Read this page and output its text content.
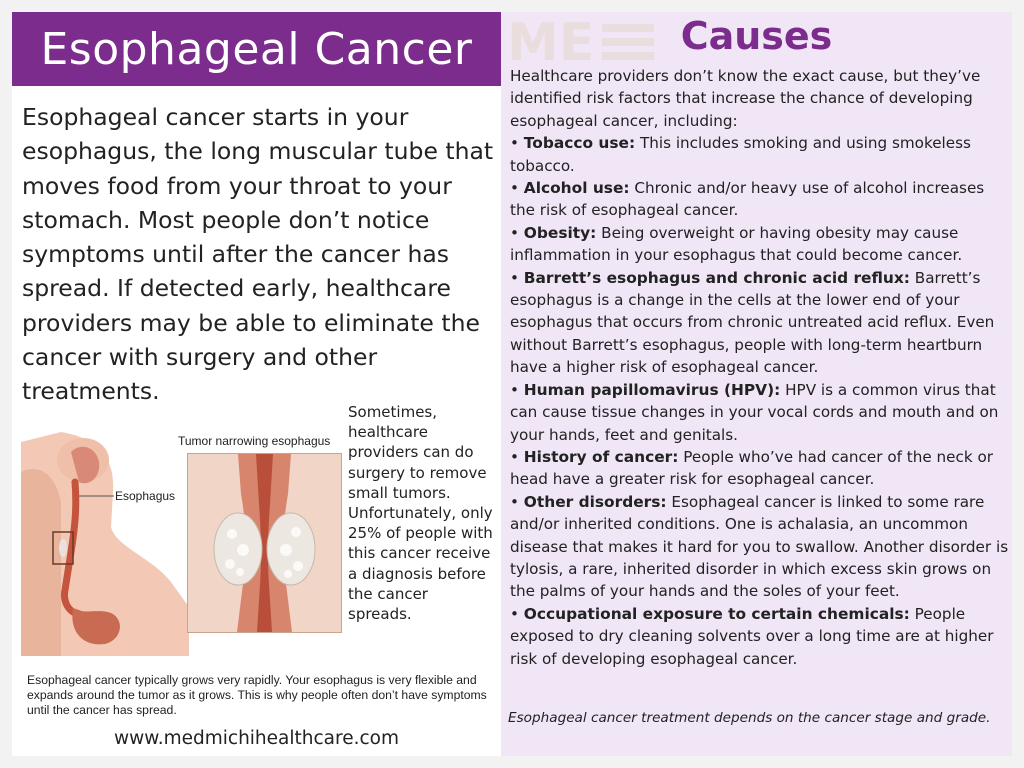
Esophageal Cancer
Esophageal cancer starts in your esophagus, the long muscular tube that moves food from your throat to your stomach. Most people don’t notice symptoms until after the cancer has spread. If detected early, healthcare providers may be able to eliminate the cancer with surgery and other treatments.
Esophagus
Tumor narrowing esophagus
Sometimes, healthcare providers can do surgery to remove small tumors. Unfortunately, only 25% of people with this cancer receive a diagnosis before the cancer spreads.
Esophageal cancer typically grows very rapidly. Your esophagus is very flexible and expands around the tumor as it grows. This is why people often don’t have symptoms until the cancer has spread.
www.medmichihealthcare.com
ME	Causes

Healthcare providers don’t know the exact cause, but they’ve identified risk factors that increase the chance of developing esophageal cancer, including:

• Tobacco use: This includes smoking and using smokeless tobacco.

• Alcohol use: Chronic and/or heavy use of alcohol increases the risk of esophageal cancer.

• Obesity: Being overweight or having obesity may cause inflammation in your esophagus that could become cancer.

• Barrett’s esophagus and chronic acid reflux: Barrett’s esophagus is a change in the cells at the lower end of your esophagus that occurs from chronic untreated acid reflux. Even without Barrett’s esophagus, people with long-term heartburn have a higher risk of esophageal cancer.

• Human papillomavirus (HPV): HPV is a common virus that can cause tissue changes in your vocal cords and mouth and on your hands, feet and genitals.

• History of cancer: People who’ve had cancer of the neck or head have a greater risk for esophageal cancer.

• Other disorders: Esophageal cancer is linked to some rare and/or inherited conditions. One is achalasia, an uncommon disease that makes it hard for you to swallow. Another disorder is tylosis, a rare, inherited disorder in which excess skin grows on the palms of your hands and the soles of your feet.

• Occupational exposure to certain chemicals: People exposed to dry cleaning solvents over a long time are at higher risk of developing esophageal cancer.

Esophageal cancer treatment depends on the cancer stage and grade.
